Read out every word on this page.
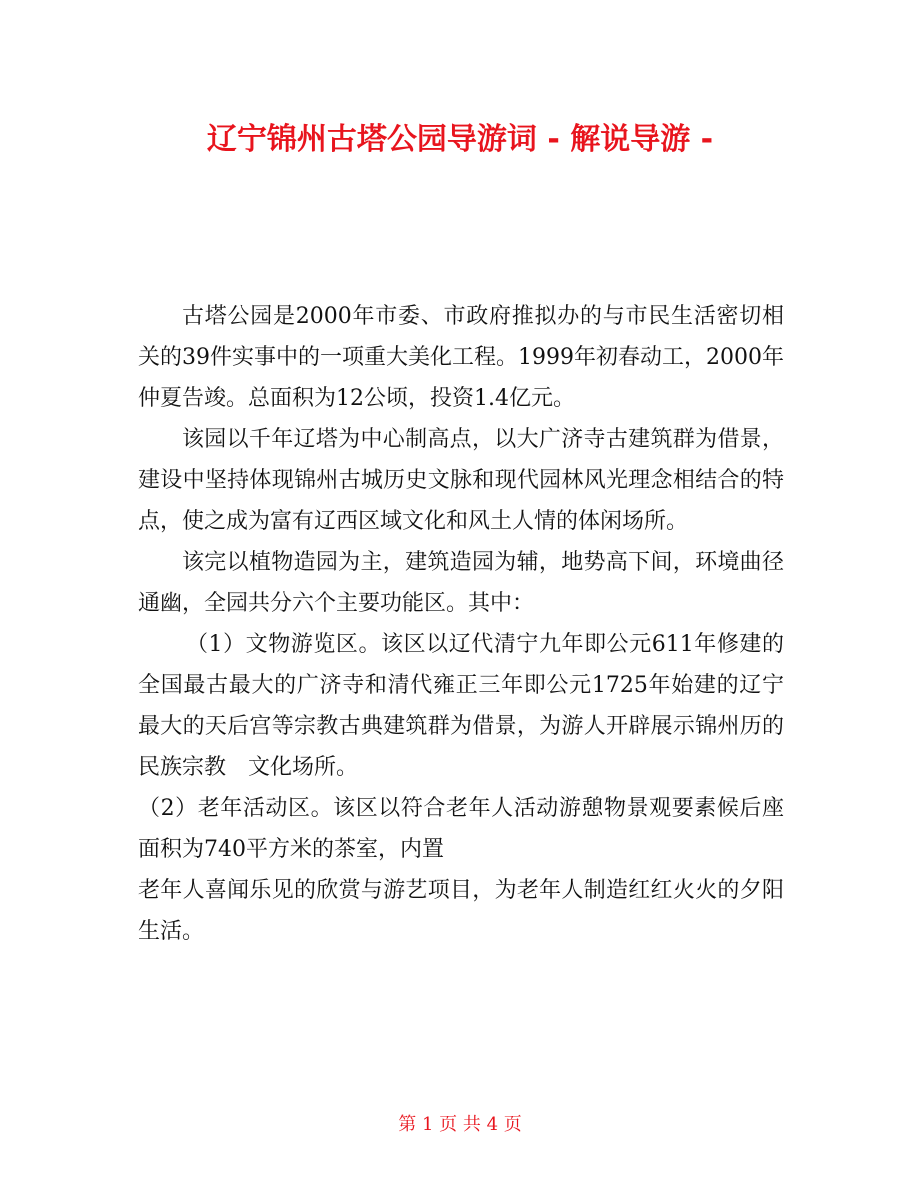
辽宁锦州古塔公园导游词 - 解说导游 -

古塔公园是2000年市委、市政府推拟办的与市民生活密切相关的39件实事中的一项重大美化工程。1999年初春动工，2000年仲夏告竣。总面积为12公顷，投资1.4亿元。

该园以千年辽塔为中心制高点，以大广济寺古建筑群为借景，建设中坚持体现锦州古城历史文脉和现代园林风光理念相结合的特点，使之成为富有辽西区域文化和风土人情的体闲场所。

该完以植物造园为主，建筑造园为辅，地势高下间，环境曲径通幽，全园共分六个主要功能区。其中：

（1）文物游览区。该区以辽代清宁九年即公元611年修建的全国最古最大的广济寺和清代雍正三年即公元1725年始建的辽宁最大的天后宫等宗教古典建筑群为借景，为游人开辟展示锦州历的民族宗教　文化场所。

（2）老年活动区。该区以符合老年人活动游憩物景观要素候后座面积为740平方米的茶室，内置

老年人喜闻乐见的欣赏与游艺项目，为老年人制造红红火火的夕阳生活。

第 1 页 共 4 页
